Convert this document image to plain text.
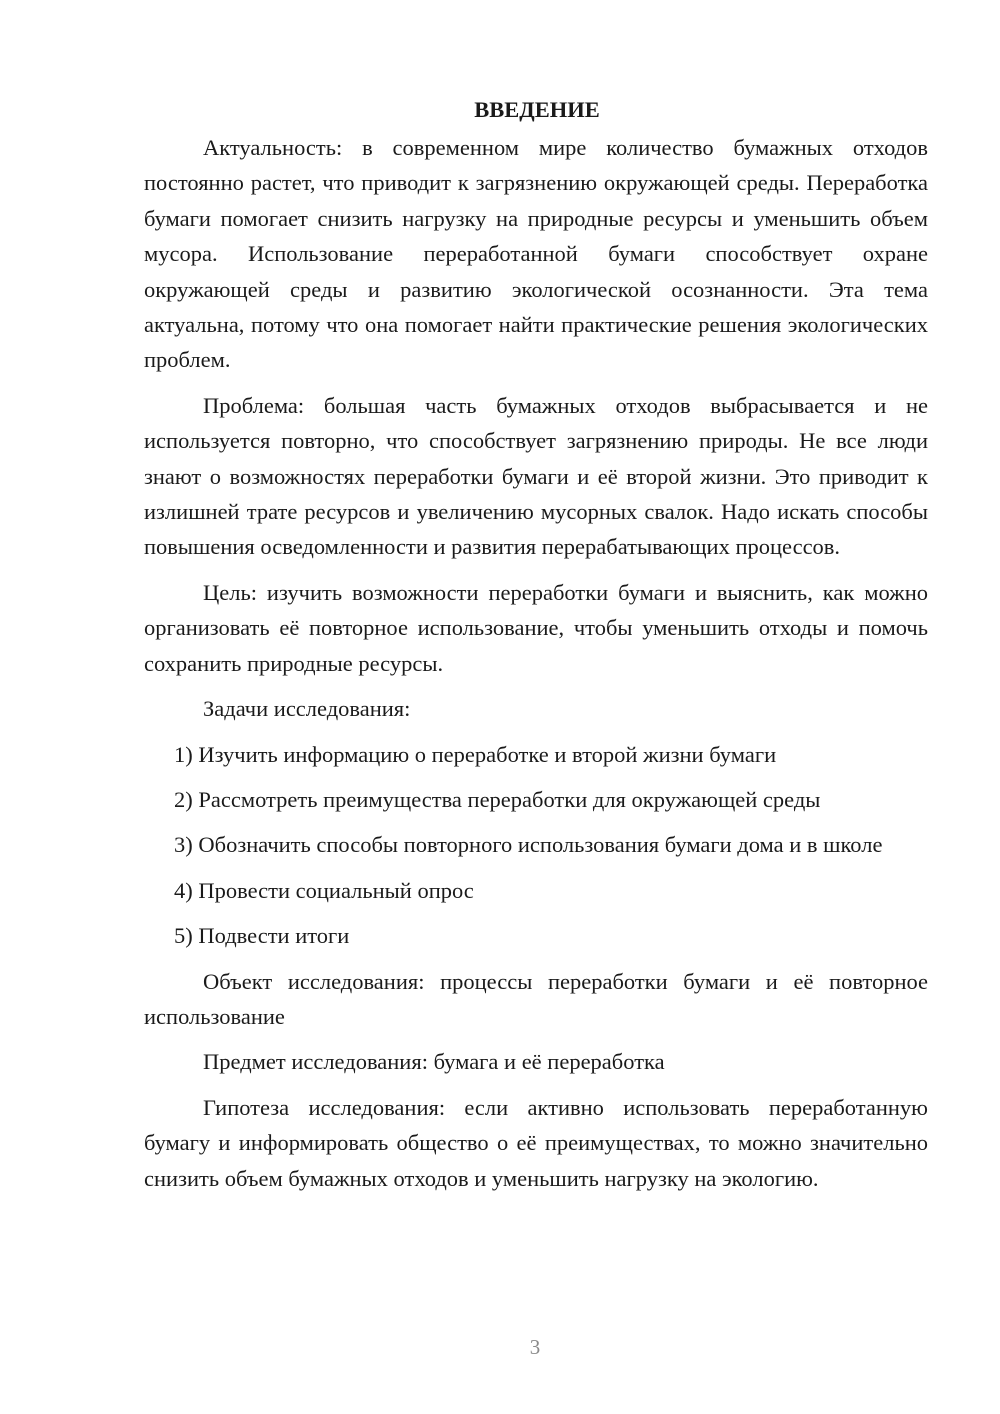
ВВЕДЕНИЕ

Актуальность: в современном мире количество бумажных отходов постоянно растет, что приводит к загрязнению окружающей среды. Переработка бумаги помогает снизить нагрузку на природные ресурсы и уменьшить объем мусора. Использование переработанной бумаги способствует охране окружающей среды и развитию экологической осознанности. Эта тема актуальна, потому что она помогает найти практические решения экологических проблем.

Проблема: большая часть бумажных отходов выбрасывается и не используется повторно, что способствует загрязнению природы. Не все люди знают о возможностях переработки бумаги и её второй жизни. Это приводит к излишней трате ресурсов и увеличению мусорных свалок. Надо искать способы повышения осведомленности и развития перерабатывающих процессов.

Цель: изучить возможности переработки бумаги и выяснить, как можно организовать её повторное использование, чтобы уменьшить отходы и помочь сохранить природные ресурсы.

Задачи исследования:

1) Изучить информацию о переработке и второй жизни бумаги

2) Рассмотреть преимущества переработки для окружающей среды

3) Обозначить способы повторного использования бумаги дома и в школе

4) Провести социальный опрос

5) Подвести итоги

Объект исследования: процессы переработки бумаги и её повторное использование

Предмет исследования: бумага и её переработка

Гипотеза исследования: если активно использовать переработанную бумагу и информировать общество о её преимуществах, то можно значительно снизить объем бумажных отходов и уменьшить нагрузку на экологию.

3
